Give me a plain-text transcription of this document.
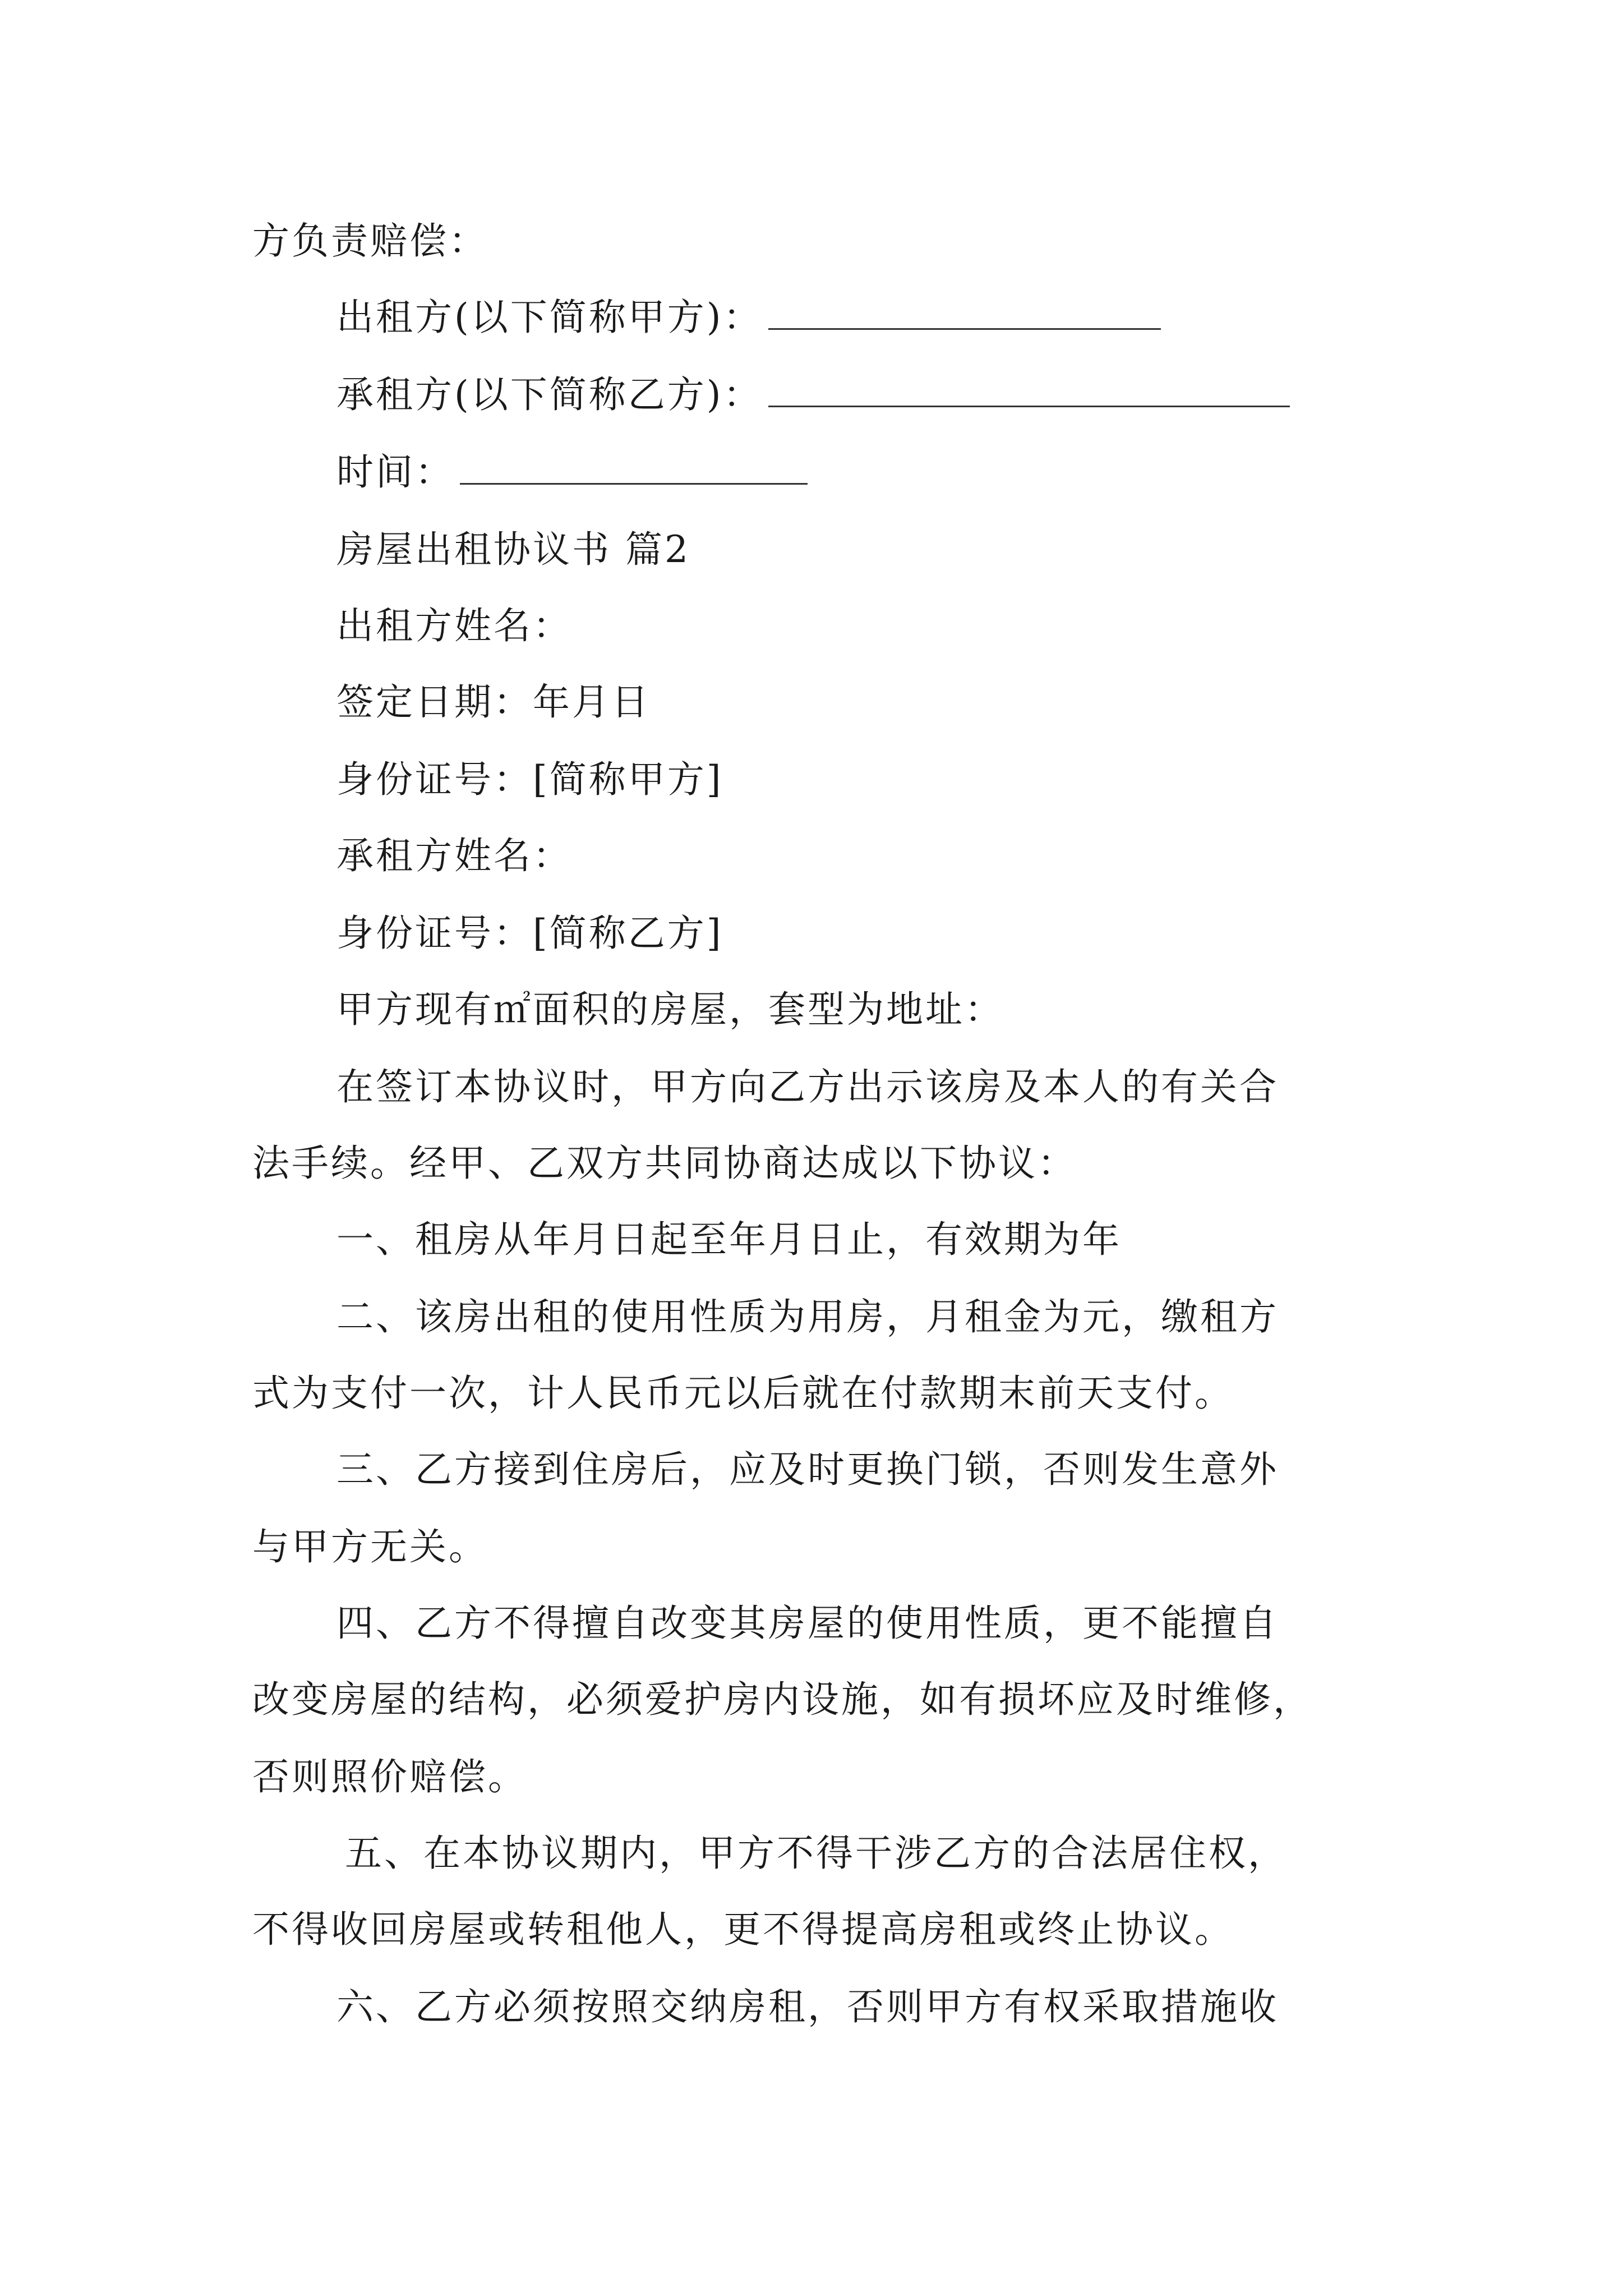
方负责赔偿：
出租方(以下简称甲方)：
承租方(以下简称乙方)：
时间：
房屋出租协议书 篇2
出租方姓名：
签定日期：年月日
身份证号：[简称甲方]
承租方姓名：
身份证号：[简称乙方]
甲方现有㎡面积的房屋，套型为地址：
在签订本协议时，甲方向乙方出示该房及本人的有关合
法手续。经甲、乙双方共同协商达成以下协议：
一、租房从年月日起至年月日止，有效期为年
二、该房出租的使用性质为用房，月租金为元，缴租方
式为支付一次，计人民币元以后就在付款期末前天支付。
三、乙方接到住房后，应及时更换门锁，否则发生意外
与甲方无关。
四、乙方不得擅自改变其房屋的使用性质，更不能擅自
改变房屋的结构，必须爱护房内设施，如有损坏应及时维修，
否则照价赔偿。
五、在本协议期内，甲方不得干涉乙方的合法居住权，
不得收回房屋或转租他人，更不得提高房租或终止协议。
六、乙方必须按照交纳房租，否则甲方有权采取措施收
